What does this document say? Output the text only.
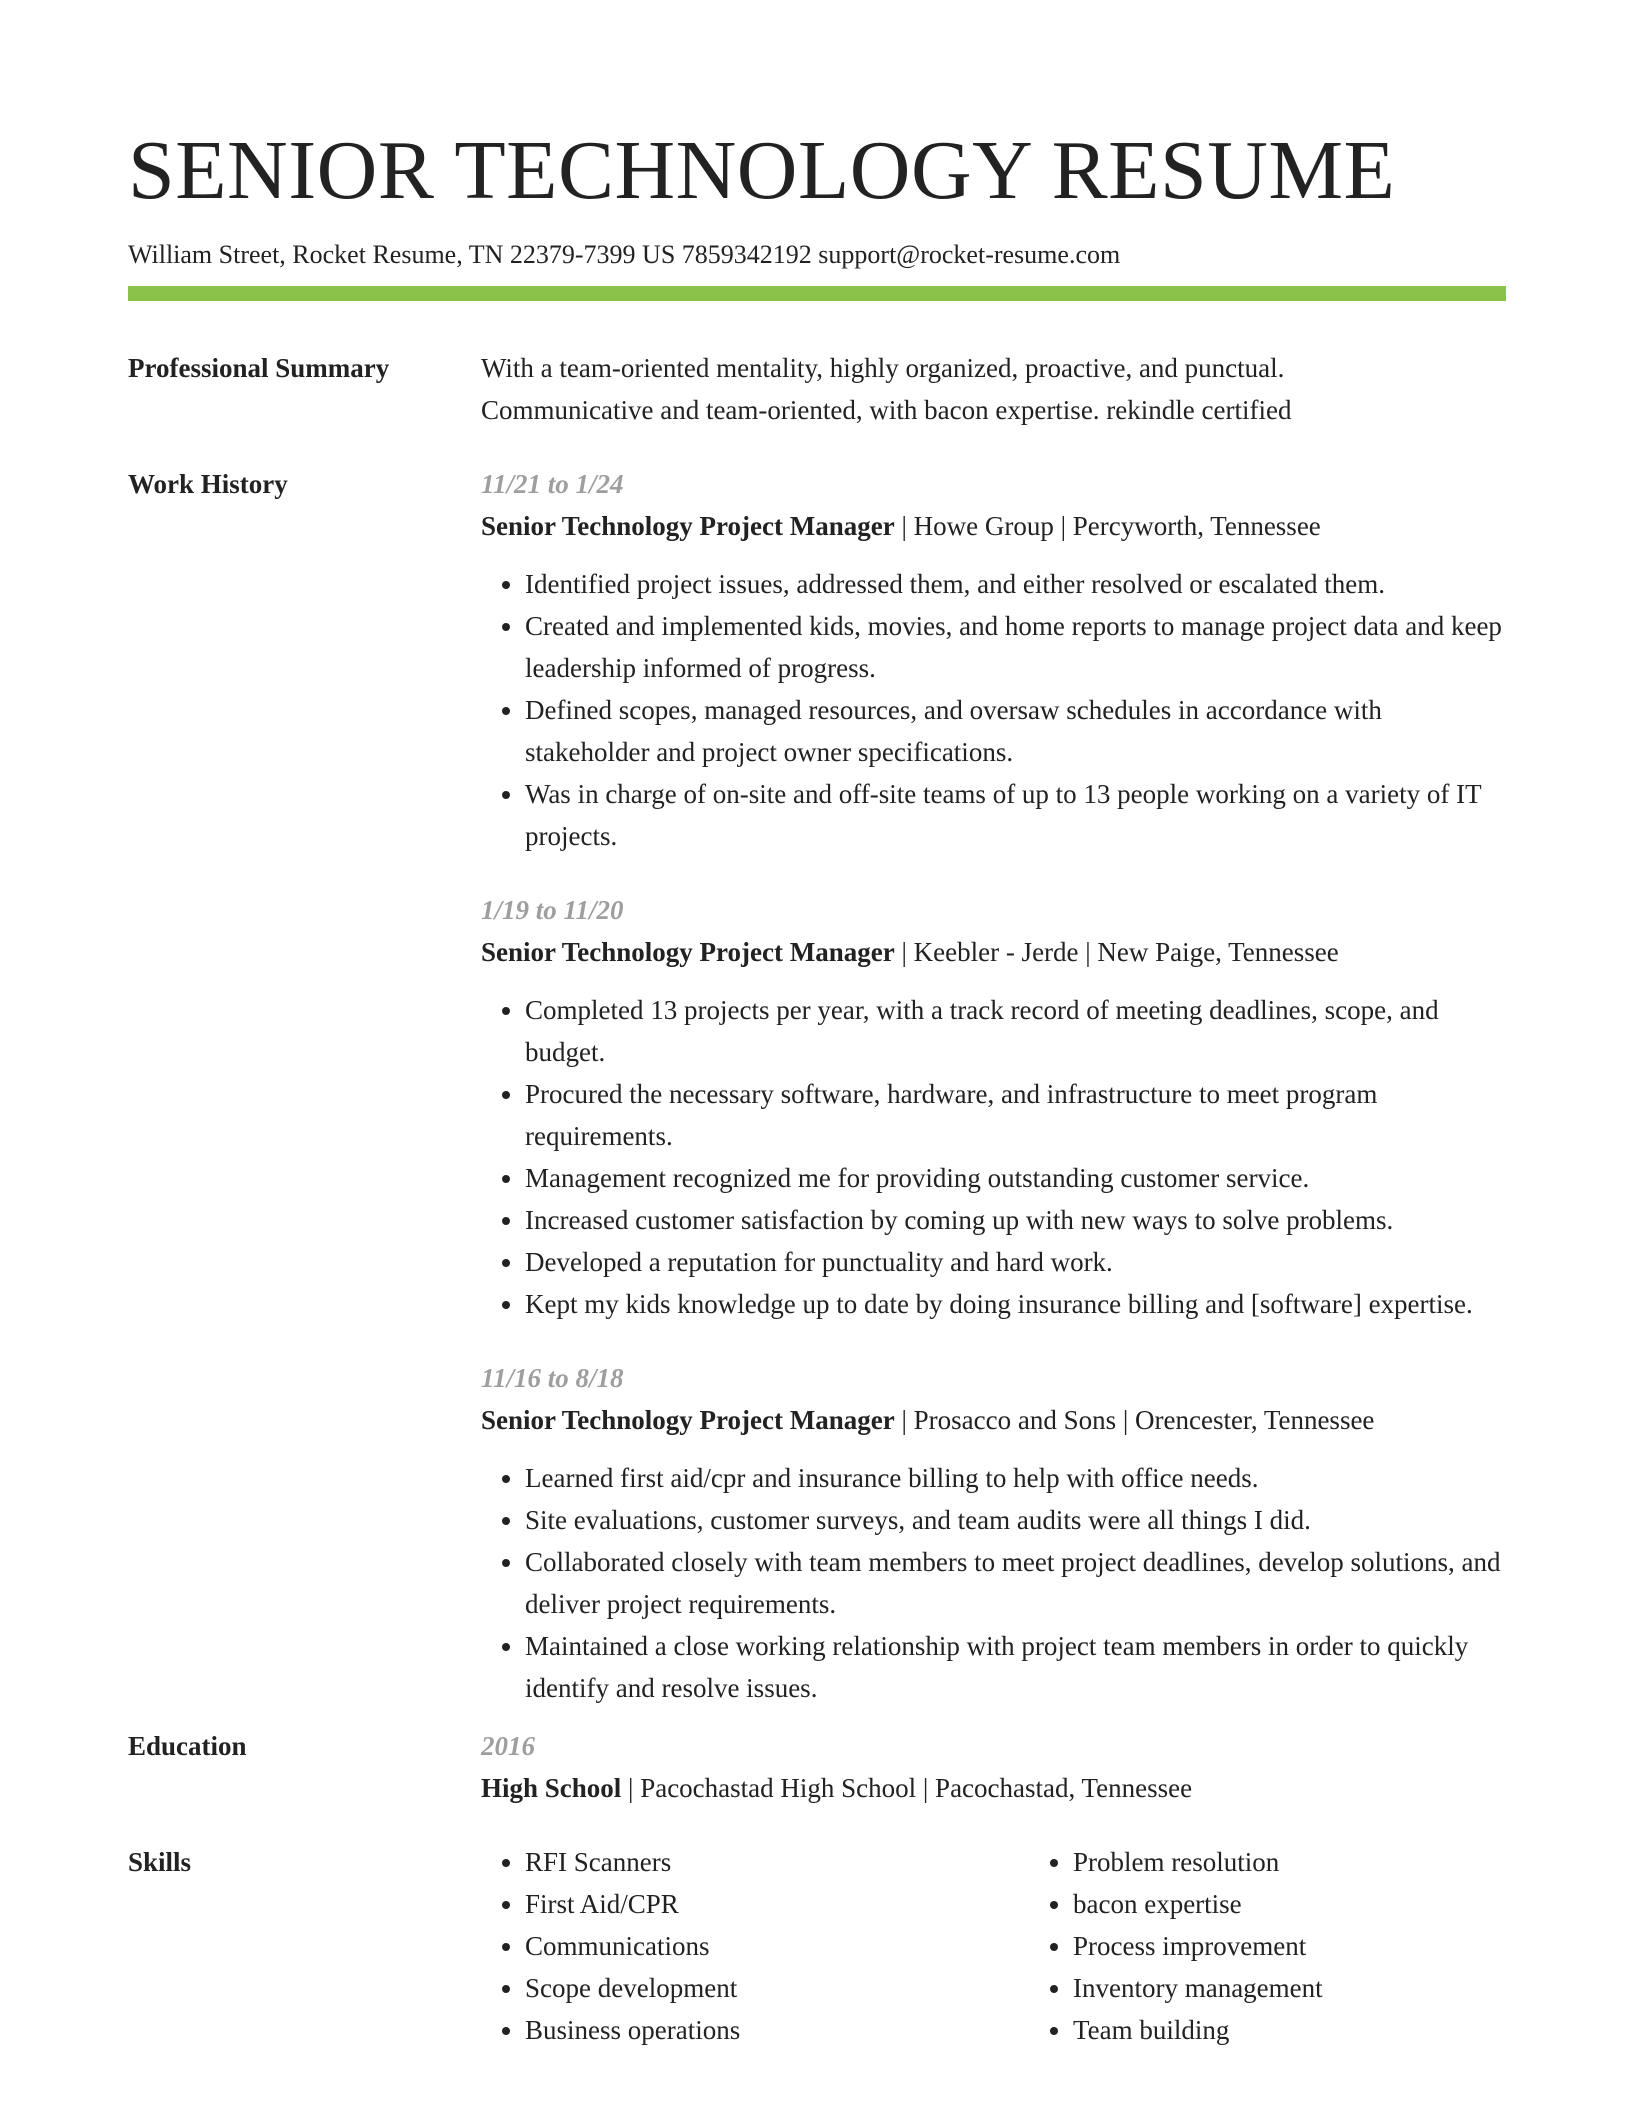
SENIOR TECHNOLOGY RESUME
William Street, Rocket Resume, TN 22379-7399 US 7859342192 support@rocket-resume.com
Professional Summary	With a team-oriented mentality, highly organized, proactive, and punctual.
Communicative and team-oriented, with bacon expertise. rekindle certified
Work History	11/21 to 1/24
Senior Technology Project Manager | Howe Group | Percyworth, Tennessee
• Identified project issues, addressed them, and either resolved or escalated them.
• Created and implemented kids, movies, and home reports to manage project data and keep leadership informed of progress.
• Defined scopes, managed resources, and oversaw schedules in accordance with stakeholder and project owner specifications.
• Was in charge of on-site and off-site teams of up to 13 people working on a variety of IT projects.
1/19 to 11/20
Senior Technology Project Manager | Keebler - Jerde | New Paige, Tennessee
• Completed 13 projects per year, with a track record of meeting deadlines, scope, and budget.
• Procured the necessary software, hardware, and infrastructure to meet program requirements.
• Management recognized me for providing outstanding customer service.
• Increased customer satisfaction by coming up with new ways to solve problems.
• Developed a reputation for punctuality and hard work.
• Kept my kids knowledge up to date by doing insurance billing and [software] expertise.
11/16 to 8/18
Senior Technology Project Manager | Prosacco and Sons | Orencester, Tennessee
• Learned first aid/cpr and insurance billing to help with office needs.
• Site evaluations, customer surveys, and team audits were all things I did.
• Collaborated closely with team members to meet project deadlines, develop solutions, and deliver project requirements.
• Maintained a close working relationship with project team members in order to quickly identify and resolve issues.
Education	2016
High School | Pacochastad High School | Pacochastad, Tennessee
Skills
•	RFI Scanners
• First Aid/CPR
• Communications
• Scope development
• Business operations
• Problem resolution
• bacon expertise
• Process improvement
• Inventory management
• Team building
